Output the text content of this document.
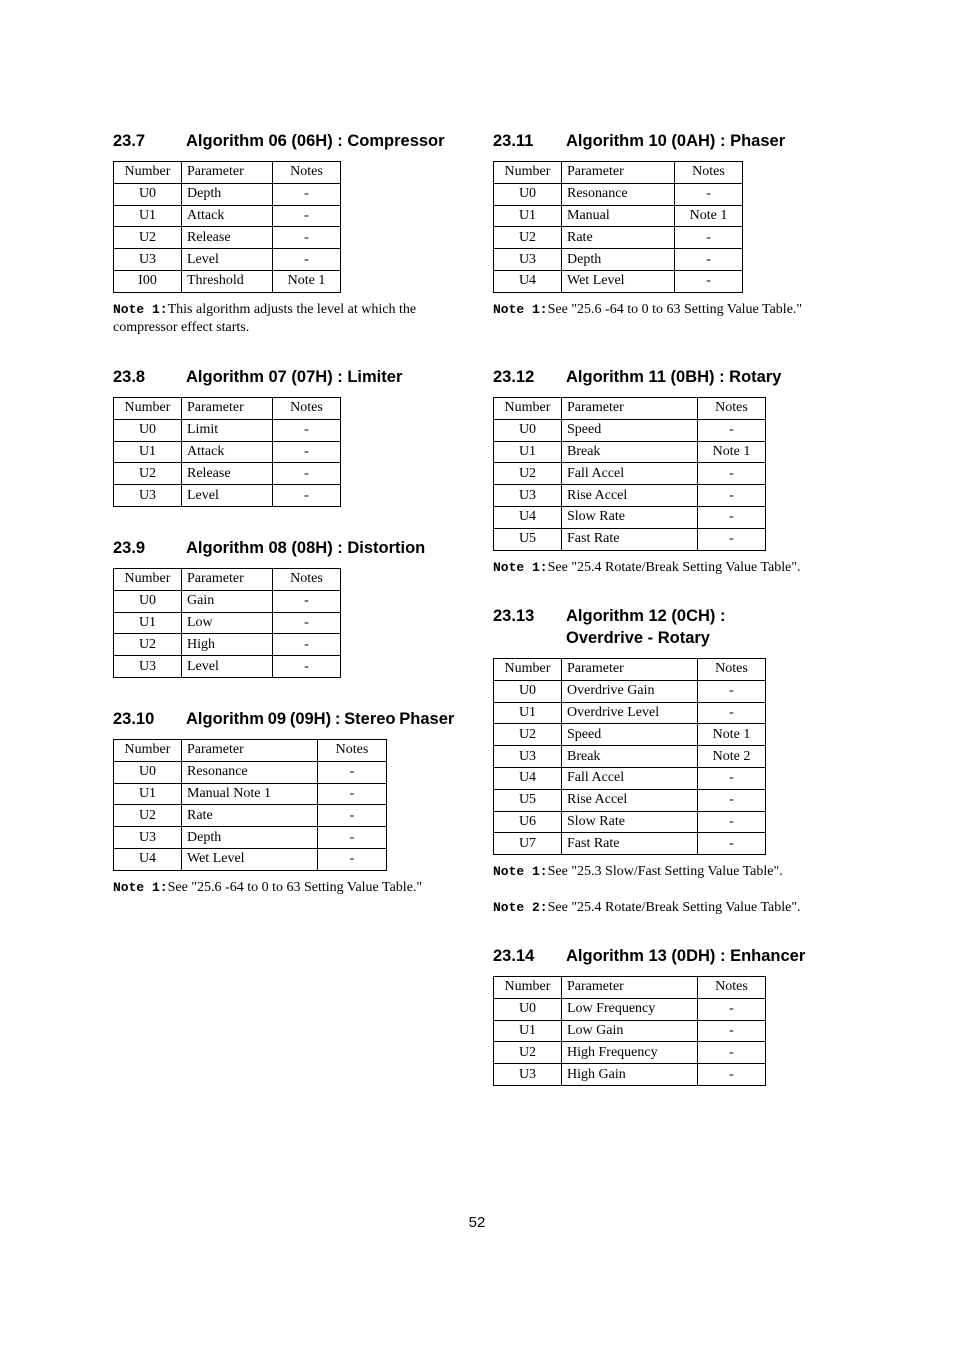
23.7 Algorithm 06 (06H) : Compressor
Number	Parameter	Notes
U0	Depth	-
U1	Attack	-
U2	Release	-
U3	Level	-
I00	Threshold	Note 1
Note 1:This algorithm adjusts the level at which the compressor effect starts.
23.8 Algorithm 07 (07H) : Limiter
Number	Parameter	Notes
U0	Limit	-
U1	Attack	-
U2	Release	-
U3	Level	-
23.9 Algorithm 08 (08H) : Distortion
Number	Parameter	Notes
U0	Gain	-
U1	Low	-
U2	High	-
U3	Level	-
23.10 Algorithm 09 (09H) : Stereo Phaser
Number	Parameter	Notes
U0	Resonance	-
U1	Manual Note 1	-
U2	Rate	-
U3	Depth	-
U4	Wet Level	-
Note 1:See "25.6 -64 to 0 to 63 Setting Value Table."
23.11 Algorithm 10 (0AH) : Phaser
Number	Parameter	Notes
U0	Resonance	-
U1	Manual	Note 1
U2	Rate	-
U3	Depth	-
U4	Wet Level	-
Note 1:See "25.6 -64 to 0 to 63 Setting Value Table."
23.12 Algorithm 11 (0BH) : Rotary
Number	Parameter	Notes
U0	Speed	-
U1	Break	Note 1
U2	Fall Accel	-
U3	Rise Accel	-
U4	Slow Rate	-
U5	Fast Rate	-
Note 1:See "25.4 Rotate/Break Setting Value Table".
23.13 Algorithm 12 (0CH) : Overdrive - Rotary
Number	Parameter	Notes
U0	Overdrive Gain	-
U1	Overdrive Level	-
U2	Speed	Note 1
U3	Break	Note 2
U4	Fall Accel	-
U5	Rise Accel	-
U6	Slow Rate	-
U7	Fast Rate	-
Note 1:See "25.3 Slow/Fast Setting Value Table".
Note 2:See "25.4 Rotate/Break Setting Value Table".
23.14 Algorithm 13 (0DH) : Enhancer
Number	Parameter	Notes
U0	Low Frequency	-
U1	Low Gain	-
U2	High Frequency	-
U3	High Gain	-
52
